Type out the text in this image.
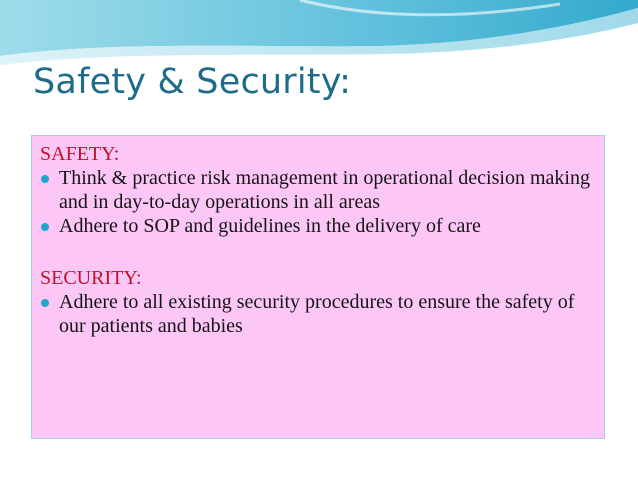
Safety & Security:

SAFETY:

Think & practice risk management in operational decision making and in day-to-day operations in all areas
Adhere to SOP and guidelines in the delivery of care

SECURITY:

Adhere to all existing security procedures to ensure the safety of our patients and babies
